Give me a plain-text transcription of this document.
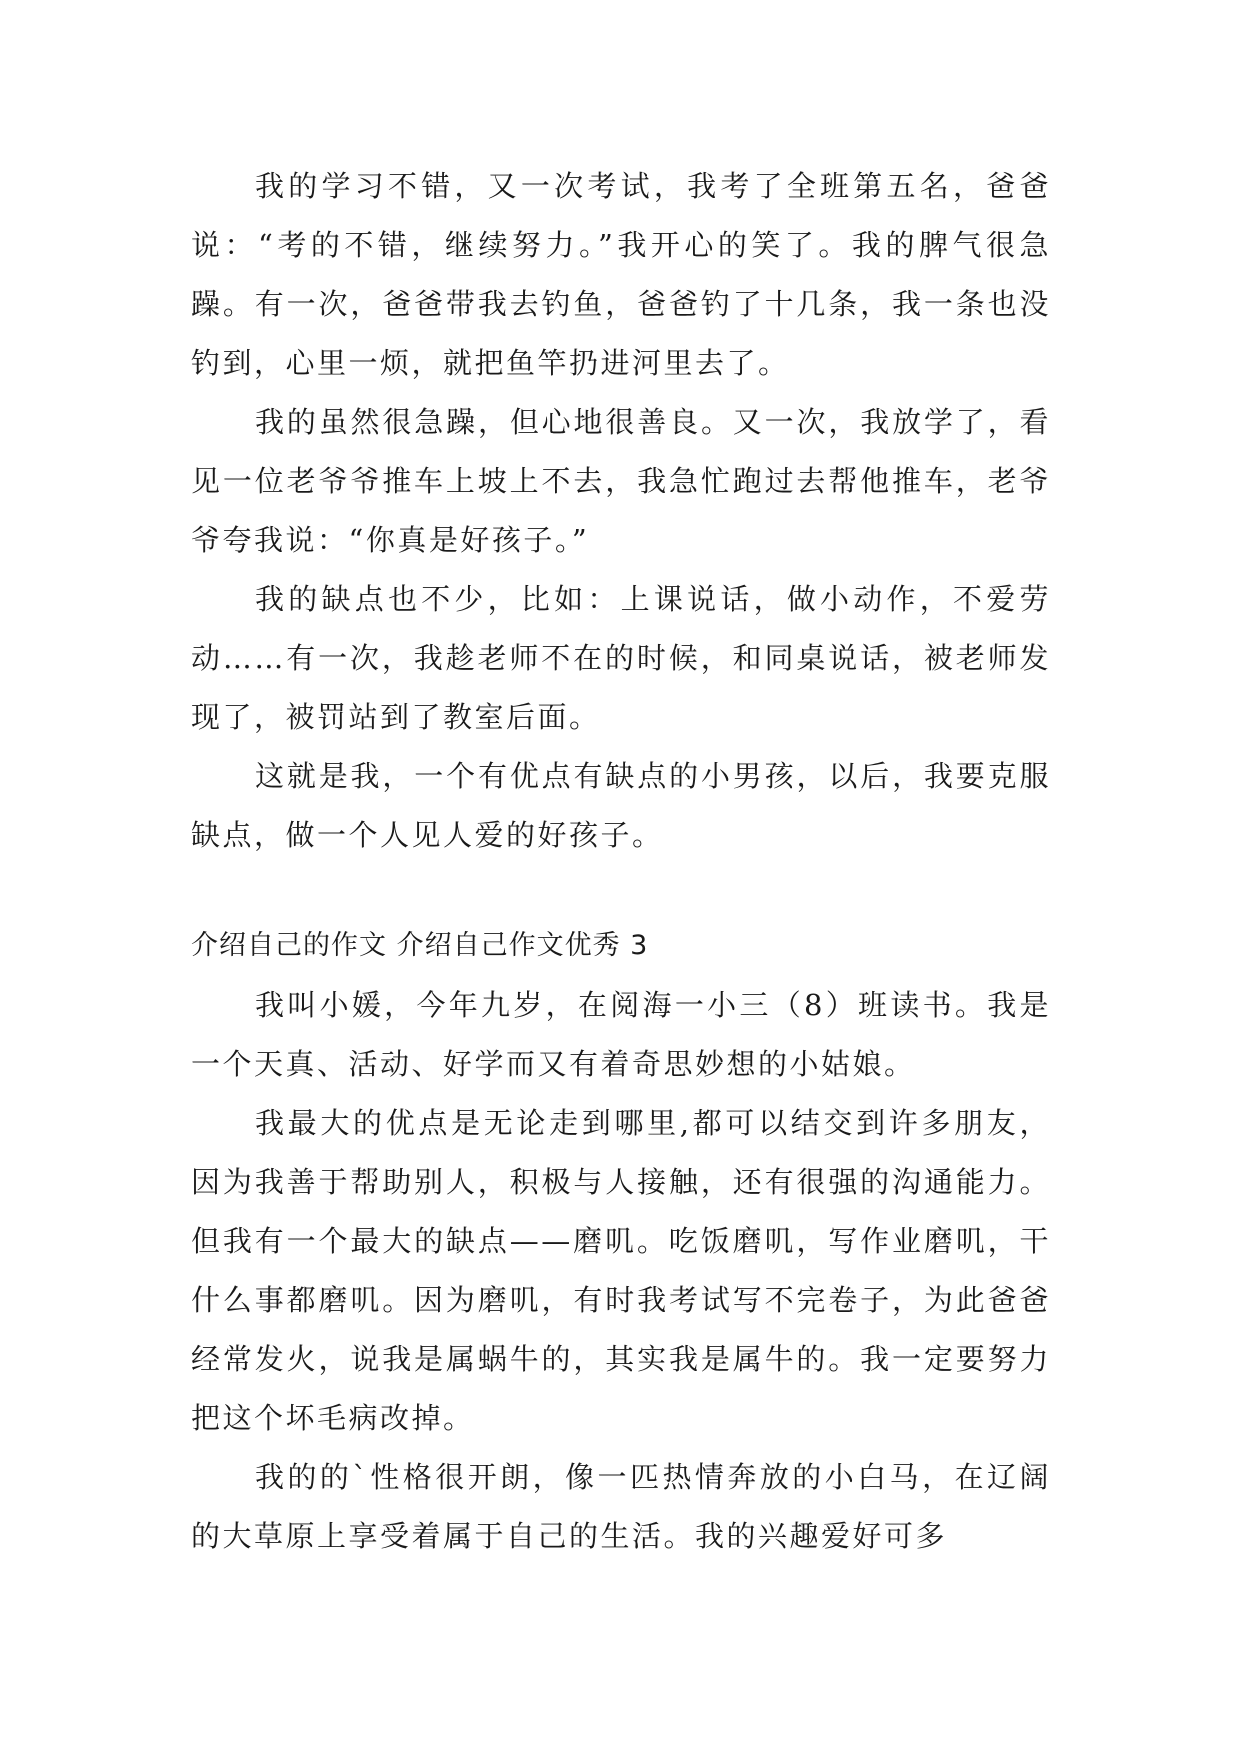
我的学习不错，又一次考试，我考了全班第五名，爸爸说：“考的不错，继续努力。”我开心的笑了。我的脾气很急躁。有一次，爸爸带我去钓鱼，爸爸钓了十几条，我一条也没钓到，心里一烦，就把鱼竿扔进河里去了。

我的虽然很急躁，但心地很善良。又一次，我放学了，看见一位老爷爷推车上坡上不去，我急忙跑过去帮他推车，老爷爷夸我说：“你真是好孩子。”

我的缺点也不少，比如：上课说话，做小动作，不爱劳动……有一次，我趁老师不在的时候，和同桌说话，被老师发现了，被罚站到了教室后面。

这就是我，一个有优点有缺点的小男孩，以后，我要克服缺点，做一个人见人爱的好孩子。

介绍自己的作文 介绍自己作文优秀 3

我叫小媛，今年九岁，在阅海一小三（8）班读书。我是一个天真、活动、好学而又有着奇思妙想的小姑娘。

我最大的优点是无论走到哪里,都可以结交到许多朋友，因为我善于帮助别人，积极与人接触，还有很强的沟通能力。但我有一个最大的缺点——磨叽。吃饭磨叽，写作业磨叽，干什么事都磨叽。因为磨叽，有时我考试写不完卷子，为此爸爸经常发火，说我是属蜗牛的，其实我是属牛的。我一定要努力把这个坏毛病改掉。

我的的`性格很开朗，像一匹热情奔放的小白马，在辽阔的大草原上享受着属于自己的生活。我的兴趣爱好可多
